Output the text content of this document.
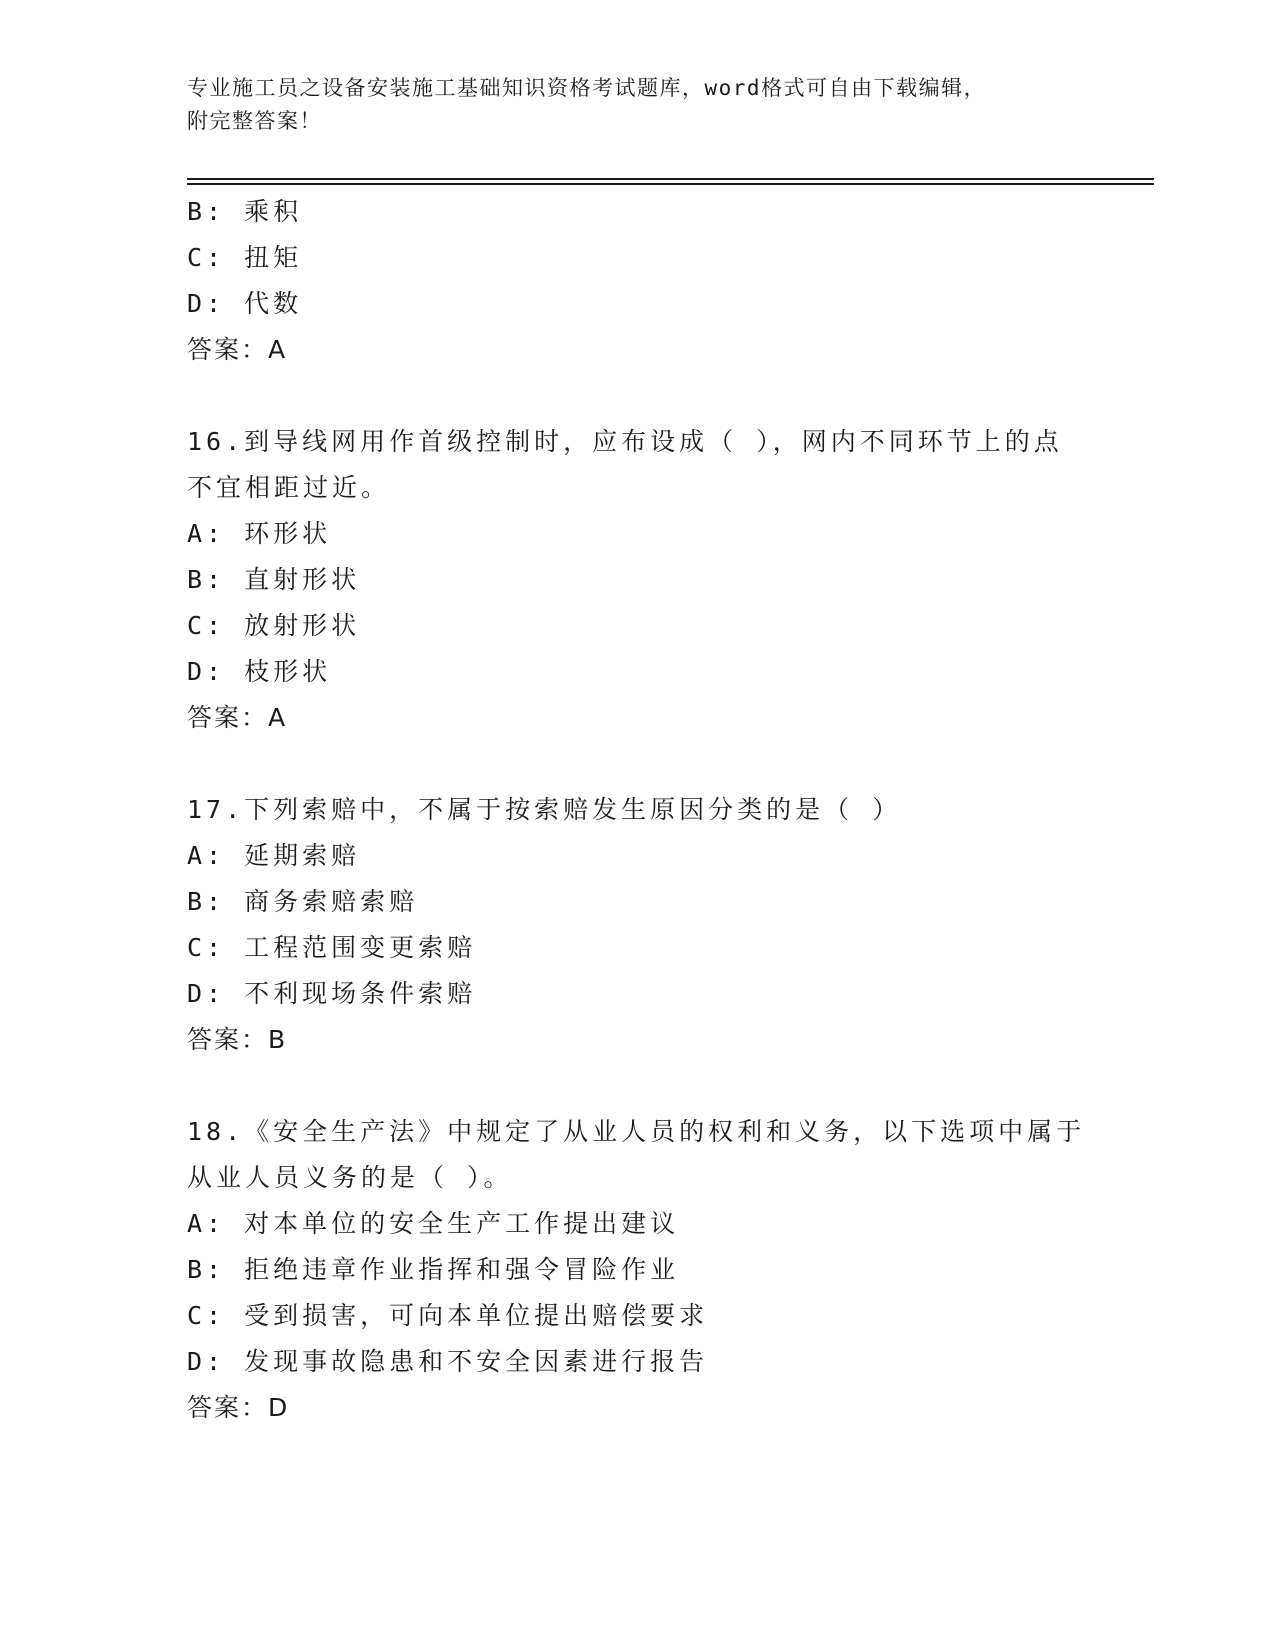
专业施工员之设备安装施工基础知识资格考试题库，word格式可自由下载编辑，
附完整答案！
B: 乘积
C: 扭矩
D: 代数
答案：A
16.到导线网用作首级控制时，应布设成（ ），网内不同环节上的点
不宜相距过近。
A: 环形状
B: 直射形状
C: 放射形状
D: 枝形状
答案：A
17.下列索赔中，不属于按索赔发生原因分类的是（ ）
A: 延期索赔
B: 商务索赔索赔
C: 工程范围变更索赔
D: 不利现场条件索赔
答案：B
18.《安全生产法》中规定了从业人员的权利和义务，以下选项中属于
从业人员义务的是（ ）。
A: 对本单位的安全生产工作提出建议
B: 拒绝违章作业指挥和强令冒险作业
C: 受到损害，可向本单位提出赔偿要求
D: 发现事故隐患和不安全因素进行报告
答案：D
